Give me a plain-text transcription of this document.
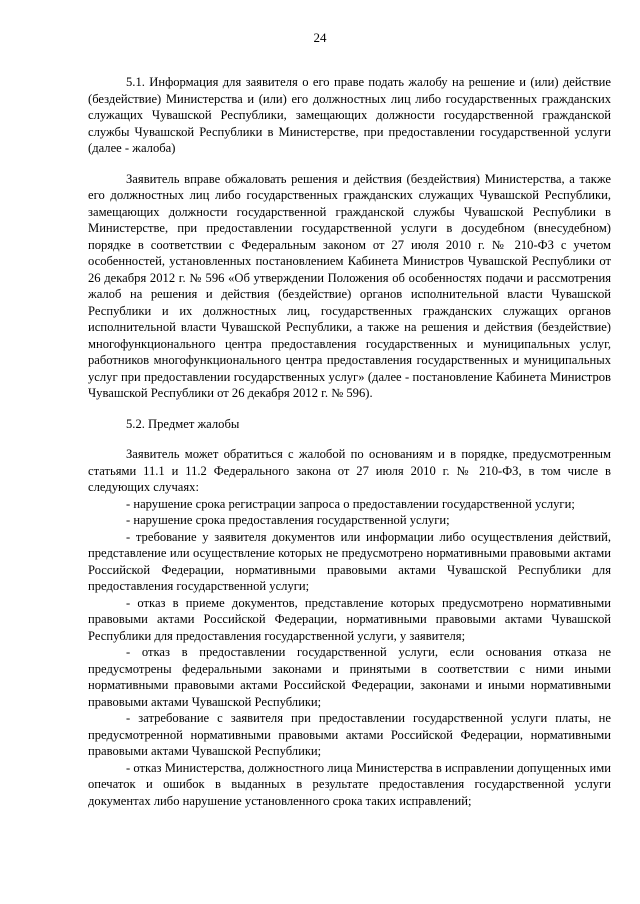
24

5.1. Информация для заявителя о его праве подать жалобу на решение и (или) действие (бездействие) Министерства и (или) его должностных лиц либо государственных гражданских служащих Чувашской Республики, замещающих должности государственной гражданской службы Чувашской Республики в Министерстве, при предоставлении государственной услуги (далее - жалоба)

Заявитель вправе обжаловать решения и действия (бездействия) Министерства, а также его должностных лиц либо государственных гражданских служащих Чувашской Республики, замещающих должности государственной гражданской службы Чувашской Республики в Министерстве, при предоставлении государственной услуги в досудебном (внесудебном) порядке в соответствии с Федеральным законом от 27 июля 2010 г. № 210-ФЗ с учетом особенностей, установленных постановлением Кабинета Министров Чувашской Республики от 26 декабря 2012 г. № 596 «Об утверждении Положения об особенностях подачи и рассмотрения жалоб на решения и действия (бездействие) органов исполнительной власти Чувашской Республики и их должностных лиц, государственных гражданских служащих органов исполнительной власти Чувашской Республики, а также на решения и действия (бездействие) многофункционального центра предоставления государственных и муниципальных услуг, работников многофункционального центра предоставления государственных и муниципальных услуг при предоставлении государственных услуг» (далее - постановление Кабинета Министров Чувашской Республики от 26 декабря 2012 г. № 596).

5.2. Предмет жалобы

Заявитель может обратиться с жалобой по основаниям и в порядке, предусмотренным статьями 11.1 и 11.2 Федерального закона от 27 июля 2010 г. № 210-ФЗ, в том числе в следующих случаях:

- нарушение срока регистрации запроса о предоставлении государственной услуги;

- нарушение срока предоставления государственной услуги;

- требование у заявителя документов или информации либо осуществления действий, представление или осуществление которых не предусмотрено нормативными правовыми актами Российской Федерации, нормативными правовыми актами Чувашской Республики для предоставления государственной услуги;

- отказ в приеме документов, представление которых предусмотрено нормативными правовыми актами Российской Федерации, нормативными правовыми актами Чувашской Республики для предоставления государственной услуги, у заявителя;

- отказ в предоставлении государственной услуги, если основания отказа не предусмотрены федеральными законами и принятыми в соответствии с ними иными нормативными правовыми актами Российской Федерации, законами и иными нормативными правовыми актами Чувашской Республики;

- затребование с заявителя при предоставлении государственной услуги платы, не предусмотренной нормативными правовыми актами Российской Федерации, нормативными правовыми актами Чувашской Республики;

- отказ Министерства, должностного лица Министерства в исправлении допущенных ими опечаток и ошибок в выданных в результате предоставления государственной услуги документах либо нарушение установленного срока таких исправлений;
